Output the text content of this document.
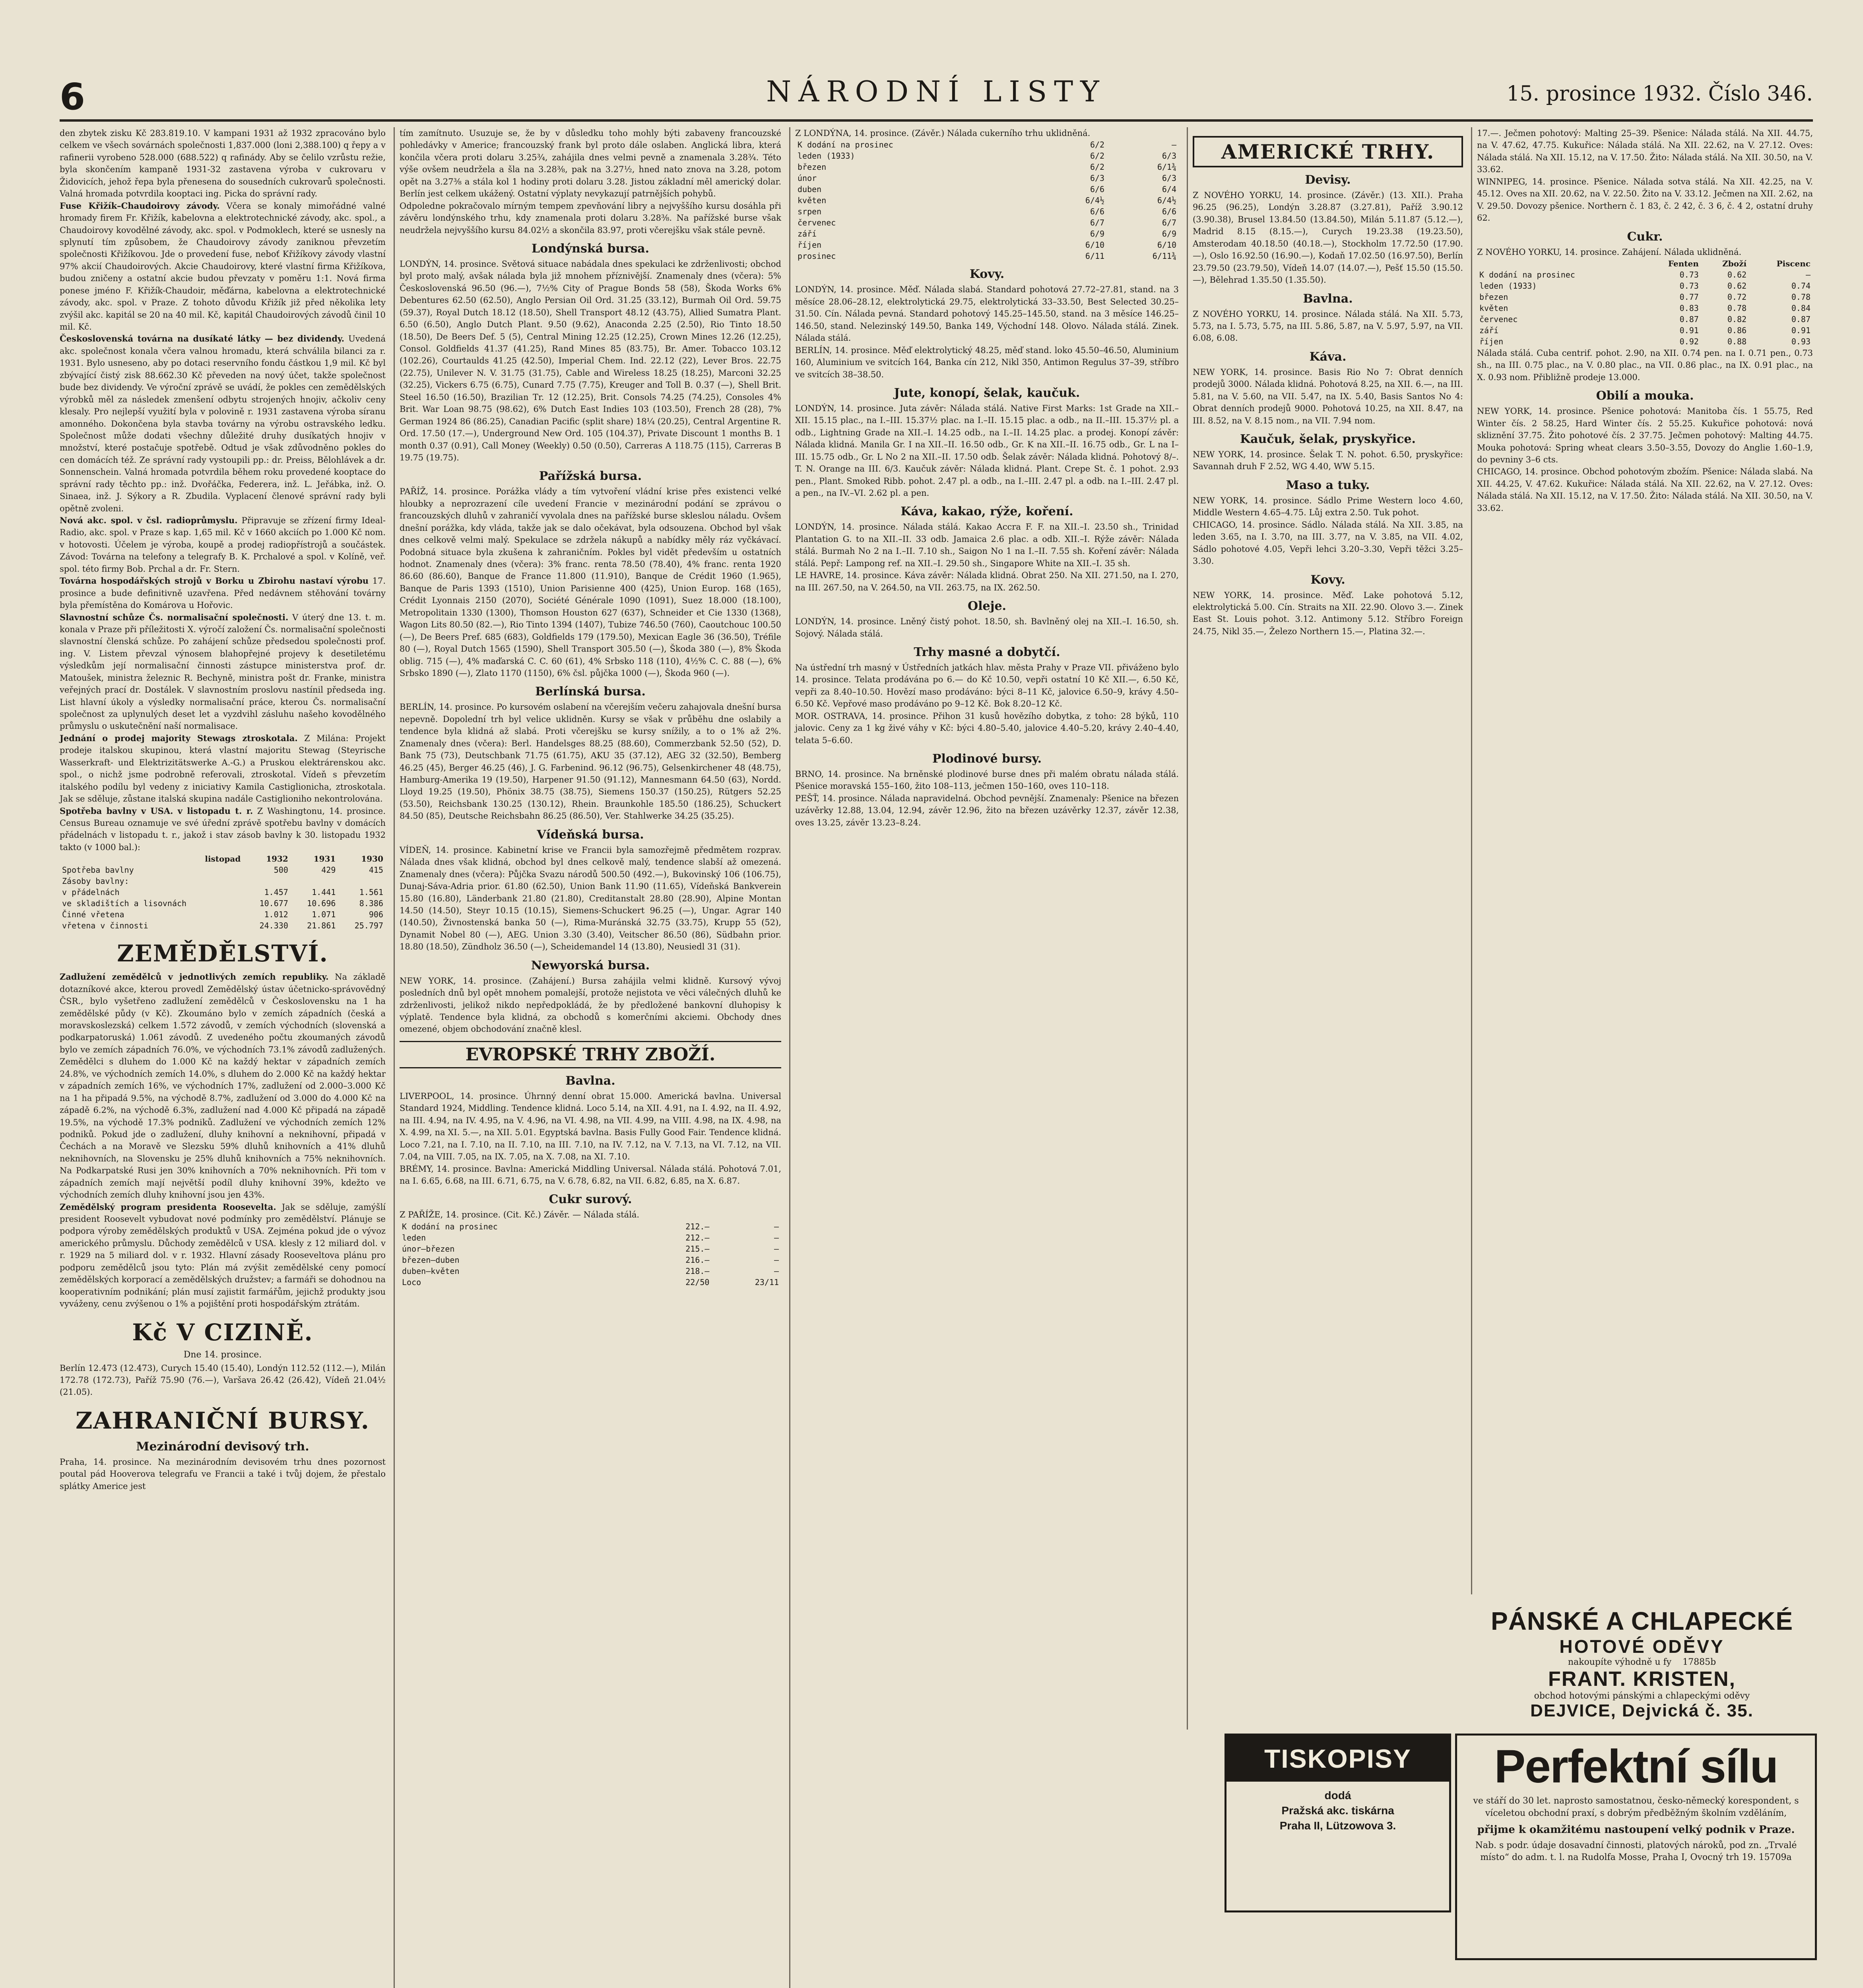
6	NÁRODNÍ LISTY	15. prosince 1932. Číslo 346.

den zbytek zisku Kč 283.819.10. V kampani 1931 až 1932 zpracováno bylo celkem ve všech sovárnách společnosti 1,837.000 (loni 2,388.100) q řepy a v rafinerii vyrobeno 528.000 (688.522) q rafinády. Aby se čelilo vzrůstu režie, byla skončením kampaně 1931-32 zastavena výroba v cukrovaru v Židovicích, jehož řepa byla přenesena do sousedních cukrovarů společnosti. Valná hromada potvrdila kooptaci ing. Picka do správní rady.

Fuse Křižík–Chaudoirovy závody. Včera se konaly mimořádné valné hromady firem Fr. Křižík, kabelovna a elektrotechnické závody, akc. spol., a Chaudoirovy kovodělné závody, akc. spol. v Podmoklech, které se usnesly na splynutí tím způsobem, že Chaudoirovy závody zaniknou převzetím společnosti Křižíkovou. Jde o provedení fuse, neboť Křižíkovy závody vlastní 97% akcií Chaudoirových. Akcie Chaudoirovy, které vlastní firma Křižíkova, budou zničeny a ostatní akcie budou převzaty v poměru 1:1. Nová firma ponese jméno F. Křižík-Chaudoir, měďárna, kabelovna a elektrotechnické závody, akc. spol. v Praze. Z tohoto důvodu Křižík již před několika lety zvýšil akc. kapitál se 20 na 40 mil. Kč, kapitál Chaudoirových závodů činil 10 mil. Kč.

Československá továrna na dusíkaté látky — bez dividendy. Uvedená akc. společnost konala včera valnou hromadu, která schválila bilanci za r. 1931. Bylo usneseno, aby po dotaci reservního fondu částkou 1,9 mil. Kč byl zbývající čistý zisk 88.662.30 Kč převeden na nový účet, takže společnost bude bez dividendy. Ve výroční zprávě se uvádí, že pokles cen zemědělských výrobků měl za následek zmenšení odbytu strojených hnojiv, ačkoliv ceny klesaly. Pro nejlepší využití byla v polovině r. 1931 zastavena výroba síranu amonného. Dokončena byla stavba továrny na výrobu ostravského ledku. Společnost může dodati všechny důležité druhy dusíkatých hnojiv v množství, které postačuje spotřebě. Odtud je však zdůvodněno pokles do cen domácích též. Ze správní rady vystoupili pp.: dr. Preiss, Bělohlávek a dr. Sonnenschein. Valná hromada potvrdila během roku provedené kooptace do správní rady těchto pp.: inž. Dvořáčka, Federera, inž. L. Jeřábka, inž. O. Sinaea, inž. J. Sýkory a R. Zbudila. Vyplacení členové správní rady byli opětně zvoleni.

Nová akc. spol. v čsl. radioprůmyslu. Připravuje se zřízení firmy Ideal-Radio, akc. spol. v Praze s kap. 1,65 mil. Kč v 1660 akciích po 1.000 Kč nom. v hotovosti. Účelem je výroba, koupě a prodej radiopřístrojů a součástek. Závod: Továrna na telefony a telegrafy B. K. Prchalové a spol. v Kolíně, veř. spol. této firmy Bob. Prchal a dr. Fr. Stern.

Továrna hospodářských strojů v Borku u Zbirohu nastaví výrobu 17. prosince a bude definitivně uzavřena. Před nedávnem stěhování továrny byla přemístěna do Komárova u Hořovic.

Slavnostní schůze Čs. normalisační společnosti. V úterý dne 13. t. m. konala v Praze při příležitosti X. výročí založení Čs. normalisační společnosti slavnostní členská schůze. Po zahájení schůze předsedou společnosti prof. ing. V. Listem převzal výnosem blahopřejné projevy k desetiletému výsledkům její normalisační činnosti zástupce ministerstva prof. dr. Matoušek, ministra železnic R. Bechyně, ministra pošt dr. Franke, ministra veřejných prací dr. Dostálek. V slavnostním proslovu nastínil předseda ing. List hlavní úkoly a výsledky normalisační práce, kterou Čs. normalisační společnost za uplynulých deset let a vyzdvihl zásluhu našeho kovodělného průmyslu o uskutečnění naší normalisace.

Jednání o prodej majority Stewags ztroskotala. Z Milána: Projekt prodeje italskou skupinou, která vlastní majoritu Stewag (Steyrische Wasserkraft- und Elektrizitätswerke A.-G.) a Pruskou elektrárenskou akc. spol., o nichž jsme podrobně referovali, ztroskotal. Vídeň s převzetím italského podílu byl vedeny z iniciativy Kamila Castiglionicha, ztroskotala. Jak se sděluje, zůstane italská skupina nadále Castiglioniho nekontrolována.

Spotřeba bavlny v USA. v listopadu t. r. Z Washingtonu, 14. prosince. Census Bureau oznamuje ve své úřední zprávě spotřebu bavlny v domácích přádelnách v listopadu t. r., jakož i stav zásob bavlny k 30. listopadu 1932 takto (v 1000 bal.):

listopad	1932	1931	1930
Spotřeba bavlny	500	429	415
Zásoby bavlny:			
v přádelnách	1.457	1.441	1.561
ve skladištích a lisovnách	10.677	10.696	8.386
Činné vřetena	1.012	1.071	906
vřetena v činnosti	24.330	21.861	25.797
ZEMĚDĚLSTVÍ.

Zadlužení zemědělců v jednotlivých zemích republiky. Na základě dotazníkové akce, kterou provedl Zemědělský ústav účetnicko-správovědný ČSR., bylo vyšetřeno zadlužení zemědělců v Československu na 1 ha zemědělské půdy (v Kč). Zkoumáno bylo v zemích západních (česká a moravskoslezská) celkem 1.572 závodů, v zemích východních (slovenská a podkarpatoruská) 1.061 závodů. Z uvedeného počtu zkoumaných závodů bylo ve zemích západních 76.0%, ve východních 73.1% závodů zadlužených. Zemědělci s dluhem do 1.000 Kč na každý hektar v západních zemích 24.8%, ve východních zemích 14.0%, s dluhem do 2.000 Kč na každý hektar v západních zemích 16%, ve východních 17%, zadlužení od 2.000–3.000 Kč na 1 ha připadá 9.5%, na východě 8.7%, zadlužení od 3.000 do 4.000 Kč na západě 6.2%, na východě 6.3%, zadlužení nad 4.000 Kč připadá na západě 19.5%, na východě 17.3% podniků. Zadlužení ve východních zemích 12% podniků. Pokud jde o zadlužení, dluhy knihovní a neknihovní, připadá v Čechách a na Moravě ve Slezsku 59% dluhů knihovních a 41% dluhů neknihovních, na Slovensku je 25% dluhů knihovních a 75% neknihovních. Na Podkarpatské Rusi jen 30% knihovních a 70% neknihovních. Při tom v západních zemích mají největší podíl dluhy knihovní 39%, kdežto ve východních zemích dluhy knihovní jsou jen 43%.

Zemědělský program presidenta Roosevelta. Jak se sděluje, zamýšlí president Roosevelt vybudovat nové podmínky pro zemědělství. Plánuje se podpora výroby zemědělských produktů v USA. Zejména pokud jde o vývoz amerického průmyslu. Důchody zemědělců v USA. klesly z 12 miliard dol. v r. 1929 na 5 miliard dol. v r. 1932. Hlavní zásady Rooseveltova plánu pro podporu zemědělců jsou tyto: Plán má zvýšit zemědělské ceny pomocí zemědělských korporací a zemědělských družstev; a farmáři se dohodnou na kooperativním podnikání; plán musí zajistit farmářům, jejichž produkty jsou vyváženy, cenu zvýšenou o 1% a pojištění proti hospodářským ztrátám.

Kč V CIZINĚ.
Dne 14. prosince.

Berlín 12.473 (12.473), Curych 15.40 (15.40), Londýn 112.52 (112.—), Milán 172.78 (172.73), Paříž 75.90 (76.—), Varšava 26.42 (26.42), Vídeň 21.04½ (21.05).

ZAHRANIČNÍ BURSY.
Mezinárodní devisový trh.

Praha, 14. prosince. Na mezinárodním devisovém trhu dnes pozornost poutal pád Hooverova telegrafu ve Francii a také i tvůj dojem, že přestalo splátky Americe jest

tím zamítnuto. Usuzuje se, že by v důsledku toho mohly býti zabaveny francouzské pohledávky v Americe; francouzský frank byl proto dále oslaben. Anglická libra, která končila včera proti dolaru 3.25¾, zahájila dnes velmi pevně a znamenala 3.28¾. Této výše ovšem neudržela a šla na 3.28⅜, pak na 3.27½, hned nato znova na 3.28, potom opět na 3.27⅜ a stála kol 1 hodiny proti dolaru 3.28. Jistou základní měl americký dolar. Berlín jest celkem ukážený. Ostatní výplaty nevykazují patrnějších pohybů.

Odpoledne pokračovalo mírným tempem zpevňování libry a nejvyššího kursu dosáhla při závěru londýnského trhu, kdy znamenala proti dolaru 3.28⅜. Na pařížské burse však neudržela nejvyššího kursu 84.02½ a skončila 83.97, proti včerejšku však stále pevně.

Londýnská bursa.

LONDÝN, 14. prosince. Světová situace nabádala dnes spekulaci ke zdrženlivosti; obchod byl proto malý, avšak nálada byla již mnohem příznivější. Znamenaly dnes (včera): 5% Československá 96.50 (96.—), 7½% City of Prague Bonds 58 (58), Škoda Works 6% Debentures 62.50 (62.50), Anglo Persian Oil Ord. 31.25 (33.12), Burmah Oil Ord. 59.75 (59.37), Royal Dutch 18.12 (18.50), Shell Transport 48.12 (43.75), Allied Sumatra Plant. 6.50 (6.50), Anglo Dutch Plant. 9.50 (9.62), Anaconda 2.25 (2.50), Rio Tinto 18.50 (18.50), De Beers Def. 5 (5), Central Mining 12.25 (12.25), Crown Mines 12.26 (12.25), Consol. Goldfields 41.37 (41.25), Rand Mines 85 (83.75), Br. Amer. Tobacco 103.12 (102.26), Courtaulds 41.25 (42.50), Imperial Chem. Ind. 22.12 (22), Lever Bros. 22.75 (22.75), Unilever N. V. 31.75 (31.75), Cable and Wireless 18.25 (18.25), Marconi 32.25 (32.25), Vickers 6.75 (6.75), Cunard 7.75 (7.75), Kreuger and Toll B. 0.37 (—), Shell Brit. Steel 16.50 (16.50), Brazilian Tr. 12 (12.25), Brit. Consols 74.25 (74.25), Consoles 4% Brit. War Loan 98.75 (98.62), 6% Dutch East Indies 103 (103.50), French 28 (28), 7% German 1924 86 (86.25), Canadian Pacific (split share) 18¼ (20.25), Central Argentine R. Ord. 17.50 (17.—), Underground New Ord. 105 (104.37), Private Discount 1 months B. 1 month 0.37 (0.91), Call Money (Weekly) 0.50 (0.50), Carreras A 118.75 (115), Carreras B 19.75 (19.75).

Pařížská bursa.

PAŘÍŽ, 14. prosince. Porážka vlády a tím vytvoření vládní krise přes existenci velké hloubky a neprozrazení cíle uvedení Francie v mezinárodní podání se zprávou o francouzských dluhů v zahraničí vyvolala dnes na pařížské burse skleslou náladu. Ovšem dnešní porážka, kdy vláda, takže jak se dalo očekávat, byla odsouzena. Obchod byl však dnes celkově velmi malý. Spekulace se zdržela nákupů a nabídky měly ráz vyčkávací. Podobná situace byla zkušena k zahraničním. Pokles byl vidět především u ostatních hodnot. Znamenaly dnes (včera): 3% franc. renta 78.50 (78.40), 4% franc. renta 1920 86.60 (86.60), Banque de France 11.800 (11.910), Banque de Crédit 1960 (1.965), Banque de Paris 1393 (1510), Union Parisienne 400 (425), Union Europ. 168 (165), Crédit Lyonnais 2150 (2070), Société Générale 1090 (1091), Suez 18.000 (18.100), Metropolitain 1330 (1300), Thomson Houston 627 (637), Schneider et Cie 1330 (1368), Wagon Lits 80.50 (82.—), Rio Tinto 1394 (1407), Tubize 746.50 (760), Caoutchouc 100.50 (—), De Beers Pref. 685 (683), Goldfields 179 (179.50), Mexican Eagle 36 (36.50), Tréfile 80 (—), Royal Dutch 1565 (1590), Shell Transport 305.50 (—), Škoda 380 (—), 8% Škoda oblig. 715 (—), 4% maďarská C. C. 60 (61), 4% Srbsko 118 (110), 4½% C. C. 88 (—), 6% Srbsko 1890 (—), Zlato 1170 (1150), 6% čsl. půjčka 1000 (—), Škoda 960 (—).

Berlínská bursa.

BERLÍN, 14. prosince. Po kursovém oslabení na včerejším večeru zahajovala dnešní bursa nepevně. Dopolední trh byl velice uklidněn. Kursy se však v průběhu dne oslabily a tendence byla klidná až slabá. Proti včerejšku se kursy snížily, a to o 1% až 2%. Znamenaly dnes (včera): Berl. Handelsges 88.25 (88.60), Commerzbank 52.50 (52), D. Bank 75 (73), Deutschbank 71.75 (61.75), AKU 35 (37.12), AEG 32 (32.50), Bemberg 46.25 (45), Berger 46.25 (46), J. G. Farbenind. 96.12 (96.75), Gelsenkirchener 48 (48.75), Hamburg-Amerika 19 (19.50), Harpener 91.50 (91.12), Mannesmann 64.50 (63), Nordd. Lloyd 19.25 (19.50), Phönix 38.75 (38.75), Siemens 150.37 (150.25), Rütgers 52.25 (53.50), Reichsbank 130.25 (130.12), Rhein. Braunkohle 185.50 (186.25), Schuckert 84.50 (85), Deutsche Reichsbahn 86.25 (86.50), Ver. Stahlwerke 34.25 (35.25).

Vídeňská bursa.

VÍDEŇ, 14. prosince. Kabinetní krise ve Francii byla samozřejmě předmětem rozprav. Nálada dnes však klidná, obchod byl dnes celkově malý, tendence slabší až omezená. Znamenaly dnes (včera): Půjčka Svazu národů 500.50 (492.—), Bukovinský 106 (106.75), Dunaj-Sáva-Adria prior. 61.80 (62.50), Union Bank 11.90 (11.65), Vídeňská Bankverein 15.80 (16.80), Länderbank 21.80 (21.80), Creditanstalt 28.80 (28.90), Alpine Montan 14.50 (14.50), Steyr 10.15 (10.15), Siemens-Schuckert 96.25 (—), Ungar. Agrar 140 (140.50), Živnostenská banka 50 (—), Rima-Muránská 32.75 (33.75), Krupp 55 (52), Dynamit Nobel 80 (—), AEG. Union 3.30 (3.40), Veitscher 86.50 (86), Südbahn prior. 18.80 (18.50), Zündholz 36.50 (—), Scheidemandel 14 (13.80), Neusiedl 31 (31).

Newyorská bursa.

NEW YORK, 14. prosince. (Zahájení.) Bursa zahájila velmi klidně. Kursový vývoj posledních dnů byl opět mnohem pomalejší, protože nejistota ve věci válečných dluhů ke zdrženlivosti, jelikož nikdo nepředpokládá, že by předložené bankovní dluhopisy k výplatě. Tendence byla klidná, za obchodů s komerčními akciemi. Obchody dnes omezené, objem obchodování značně klesl.

EVROPSKÉ TRHY ZBOŽÍ.
Bavlna.

LIVERPOOL, 14. prosince. Úhrnný denní obrat 15.000. Americká bavlna. Universal Standard 1924, Middling. Tendence klidná. Loco 5.14, na XII. 4.91, na I. 4.92, na II. 4.92, na III. 4.94, na IV. 4.95, na V. 4.96, na VI. 4.98, na VII. 4.99, na VIII. 4.98, na IX. 4.98, na X. 4.99, na XI. 5.—, na XII. 5.01. Egyptská bavlna. Basis Fully Good Fair. Tendence klidná. Loco 7.21, na I. 7.10, na II. 7.10, na III. 7.10, na IV. 7.12, na V. 7.13, na VI. 7.12, na VII. 7.04, na VIII. 7.05, na IX. 7.05, na X. 7.08, na XI. 7.10.

BRÉMY, 14. prosince. Bavlna: Americká Middling Universal. Nálada stálá. Pohotová 7.01, na I. 6.65, 6.68, na III. 6.71, 6.75, na V. 6.78, 6.82, na VII. 6.82, 6.85, na X. 6.87.

Cukr surový.

Z PAŘÍŽE, 14. prosince. (Cit. Kč.) Závěr. — Nálada stálá.

K dodání na prosinec	212.—	—
leden	212.—	—
únor–březen	215.—	—
březen–duben	216.—	—
duben–květen	218.—	—
Loco	22/50	23/11

Z LONDÝNA, 14. prosince. (Závěr.) Nálada cukerního trhu uklidněná.

K dodání na prosinec	6/2	—
leden (1933)	6/2	6/3
březen	6/2	6/1¾
únor	6/3	6/3
duben	6/6	6/4
květen	6/4½	6/4½
srpen	6/6	6/6
červenec	6/7	6/7
září	6/9	6/9
říjen	6/10	6/10
prosinec	6/11	6/11¾
Kovy.

LONDÝN, 14. prosince. Měď. Nálada slabá. Standard pohotová 27.72–27.81, stand. na 3 měsíce 28.06–28.12, elektrolytická 29.75, elektrolytická 33–33.50, Best Selected 30.25–31.50. Cín. Nálada pevná. Standard pohotový 145.25–145.50, stand. na 3 měsíce 146.25–146.50, stand. Nelezinský 149.50, Banka 149, Východní 148. Olovo. Nálada stálá. Zinek. Nálada stálá.

BERLÍN, 14. prosince. Měď elektrolytický 48.25, měď stand. loko 45.50–46.50, Aluminium 160, Aluminium ve svitcích 164, Banka cín 212, Nikl 350, Antimon Regulus 37–39, stříbro ve svitcích 38–38.50.

Jute, konopí, šelak, kaučuk.

LONDÝN, 14. prosince. Juta závěr: Nálada stálá. Native First Marks: 1st Grade na XII.–XII. 15.15 plac., na I.–III. 15.37½ plac. na I.–II. 15.15 plac. a odb., na II.–III. 15.37½ pl. a odb., Lightning Grade na XII.–I. 14.25 odb., na I.–II. 14.25 plac. a prodej. Konopí závěr: Nálada klidná. Manila Gr. I na XII.–II. 16.50 odb., Gr. K na XII.–II. 16.75 odb., Gr. L na I–III. 15.75 odb., Gr. L No 2 na XII.–II. 17.50 odb. Šelak závěr: Nálada klidná. Pohotový 8/–. T. N. Orange na III. 6/3. Kaučuk závěr: Nálada klidná. Plant. Crepe St. č. 1 pohot. 2.93 pen., Plant. Smoked Ribb. pohot. 2.47 pl. a odb., na I.–III. 2.47 pl. a odb. na I.–III. 2.47 pl. a pen., na IV.–VI. 2.62 pl. a pen.

Káva, kakao, rýže, koření.

LONDÝN, 14. prosince. Nálada stálá. Kakao Accra F. F. na XII.–I. 23.50 sh., Trinidad Plantation G. to na XII.–II. 33 odb. Jamaica 2.6 plac. a odb. XII.–I. Rýže závěr: Nálada stálá. Burmah No 2 na I.–II. 7.10 sh., Saigon No 1 na I.–II. 7.55 sh. Koření závěr: Nálada stálá. Pepř: Lampong ref. na XII.–I. 29.50 sh., Singapore White na XII.–I. 35 sh.

LE HAVRE, 14. prosince. Káva závěr: Nálada klidná. Obrat 250. Na XII. 271.50, na I. 270, na III. 267.50, na V. 264.50, na VII. 263.75, na IX. 262.50.

Oleje.

LONDÝN, 14. prosince. Lněný čistý pohot. 18.50, sh. Bavlněný olej na XII.–I. 16.50, sh. Sojový. Nálada stálá.

Trhy masné a dobytčí.

Na ústřední trh masný v Ústředních jatkách hlav. města Prahy v Praze VII. přiváženo bylo 14. prosince. Telata prodávána po 6.— do Kč 10.50, vepři ostatní 10 Kč XII.—, 6.50 Kč, vepři za 8.40–10.50. Hovězí maso prodáváno: býci 8–11 Kč, jalovice 6.50–9, krávy 4.50–6.50 Kč. Vepřové maso prodáváno po 9–12 Kč. Bok 8.20–12 Kč.

MOR. OSTRAVA, 14. prosince. Přihon 31 kusů hovězího dobytka, z toho: 28 býků, 110 jalovic. Ceny za 1 kg živé váhy v Kč: býci 4.80–5.40, jalovice 4.40–5.20, krávy 2.40–4.40, telata 5–6.60.

Plodinové bursy.

BRNO, 14. prosince. Na brněnské plodinové burse dnes při malém obratu nálada stálá. Pšenice moravská 155–160, žito 108–113, ječmen 150–160, oves 110–118.

PEŠŤ, 14. prosince. Nálada napravidelná. Obchod pevnější. Znamenaly: Pšenice na březen uzávěrky 12.88, 13.04, 12.94, závěr 12.96, žito na březen uzávěrky 12.37, závěr 12.38, oves 13.25, závěr 13.23–8.24.

AMERICKÉ TRHY.
Devisy.

Z NOVÉHO YORKU, 14. prosince. (Závěr.) (13. XII.). Praha 96.25 (96.25), Londýn 3.28.87 (3.27.81), Paříž 3.90.12 (3.90.38), Brusel 13.84.50 (13.84.50), Milán 5.11.87 (5.12.—), Madrid 8.15 (8.15.—), Curych 19.23.38 (19.23.50), Amsterodam 40.18.50 (40.18.—), Stockholm 17.72.50 (17.90.—), Oslo 16.92.50 (16.90.—), Kodaň 17.02.50 (16.97.50), Berlín 23.79.50 (23.79.50), Vídeň 14.07 (14.07.—), Pešť 15.50 (15.50.—), Bělehrad 1.35.50 (1.35.50).

Bavlna.

Z NOVÉHO YORKU, 14. prosince. Nálada stálá. Na XII. 5.73, 5.73, na I. 5.73, 5.75, na III. 5.86, 5.87, na V. 5.97, 5.97, na VII. 6.08, 6.08.

Káva.

NEW YORK, 14. prosince. Basis Rio No 7: Obrat denních prodejů 3000. Nálada klidná. Pohotová 8.25, na XII. 6.—, na III. 5.81, na V. 5.60, na VII. 5.47, na IX. 5.40, Basis Santos No 4: Obrat denních prodejů 9000. Pohotová 10.25, na XII. 8.47, na III. 8.52, na V. 8.15 nom., na VII. 7.94 nom.

Kaučuk, šelak, pryskyřice.

NEW YORK, 14. prosince. Šelak T. N. pohot. 6.50, pryskyřice: Savannah druh F 2.52, WG 4.40, WW 5.15.

Maso a tuky.

NEW YORK, 14. prosince. Sádlo Prime Western loco 4.60, Middle Western 4.65–4.75. Lůj extra 2.50. Tuk pohot.

CHICAGO, 14. prosince. Sádlo. Nálada stálá. Na XII. 3.85, na leden 3.65, na I. 3.70, na III. 3.77, na V. 3.85, na VII. 4.02, Sádlo pohotové 4.05, Vepři lehci 3.20–3.30, Vepři těžci 3.25–3.30.

Kovy.

NEW YORK, 14. prosince. Měď. Lake pohotová 5.12, elektrolytická 5.00. Cín. Straits na XII. 22.90. Olovo 3.—. Zinek East St. Louis pohot. 3.12. Antimony 5.12. Stříbro Foreign 24.75, Nikl 35.—, Železo Northern 15.—, Platina 32.—.

17.—. Ječmen pohotový: Malting 25–39. Pšenice: Nálada stálá. Na XII. 44.75, na V. 47.62, 47.75. Kukuřice: Nálada stálá. Na XII. 22.62, na V. 27.12. Oves: Nálada stálá. Na XII. 15.12, na V. 17.50. Žito: Nálada stálá. Na XII. 30.50, na V. 33.62.

WINNIPEG, 14. prosince. Pšenice. Nálada sotva stálá. Na XII. 42.25, na V. 45.12. Oves na XII. 20.62, na V. 22.50. Žito na V. 33.12. Ječmen na XII. 2.62, na V. 29.50. Dovozy pšenice. Northern č. 1 83, č. 2 42, č. 3 6, č. 4 2, ostatní druhy 62.

Cukr.

Z NOVÉHO YORKU, 14. prosince. Zahájení. Nálada uklidněná.

	Fenten	Zboží	Piscenc
K dodání na prosinec	0.73	0.62	—
leden (1933)	0.73	0.62	0.74
březen	0.77	0.72	0.78
květen	0.83	0.78	0.84
červenec	0.87	0.82	0.87
září	0.91	0.86	0.91
říjen	0.92	0.88	0.93

Nálada stálá. Cuba centrif. pohot. 2.90, na XII. 0.74 pen. na I. 0.71 pen., 0.73 sh., na III. 0.75 plac., na V. 0.80 plac., na VII. 0.86 plac., na IX. 0.91 plac., na X. 0.93 nom. Přibližně prodeje 13.000.

Obilí a mouka.

NEW YORK, 14. prosince. Pšenice pohotová: Manitoba čís. 1 55.75, Red Winter čís. 2 58.25, Hard Winter čís. 2 55.25. Kukuřice pohotová: nová skliznění 37.75. Žito pohotové čís. 2 37.75. Ječmen pohotový: Malting 44.75. Mouka pohotová: Spring wheat clears 3.50–3.55, Dovozy do Anglie 1.60–1.9, do pevniny 3–6 cts.

CHICAGO, 14. prosince. Obchod pohotovým zbožím. Pšenice: Nálada slabá. Na XII. 44.25, V. 47.62. Kukuřice: Nálada stálá. Na XII. 22.62, na V. 27.12. Oves: Nálada stálá. Na XII. 15.12, na V. 17.50. Žito: Nálada stálá. Na XII. 30.50, na V. 33.62.

PÁNSKÉ A CHLAPECKÉ
HOTOVÉ ODĚVY
nakoupíte výhodně u fy 17885b
FRANT. KRISTEN,
obchod hotovými pánskými a chlapeckými oděvy
DEJVICE, Dejvická č. 35.
TISKOPISY
dodá
Pražská akc. tiskárna
Praha II, Lützowova 3.
Perfektní sílu
ve stáří do 30 let. naprosto samostatnou, česko-německý korespondent, s víceletou obchodní praxí, s dobrým předběžným školním vzděláním,
přijme k okamžitému nastoupení velký podnik v Praze.
Nab. s podr. údaje dosavadní činnosti, platových nároků, pod zn. „Trvalé místo“ do adm. t. l. na Rudolfa Mosse, Praha I, Ovocný trh 19. 15709a
